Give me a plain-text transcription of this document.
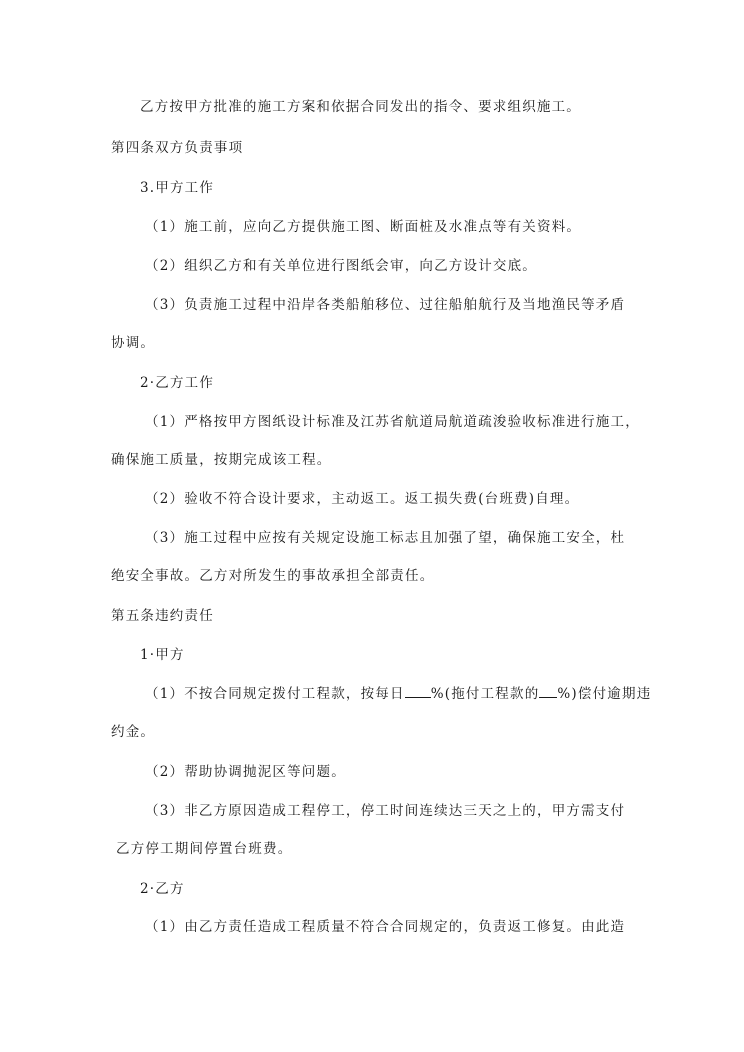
乙方按甲方批准的施工方案和依据合同发出的指令、要求组织施工。
第四条双方负责事项
3.甲方工作
（1）施工前，应向乙方提供施工图、断面桩及水准点等有关资料。
（2）组织乙方和有关单位进行图纸会审，向乙方设计交底。
（3）负责施工过程中沿岸各类船舶移位、过往船舶航行及当地渔民等矛盾
协调。
2·乙方工作
（1）严格按甲方图纸设计标准及江苏省航道局航道疏浚验收标准进行施工，
确保施工质量，按期完成该工程。
（2）验收不符合设计要求，主动返工。返工损失费(台班费)自理。
（3）施工过程中应按有关规定设施工标志且加强了望，确保施工安全，杜
绝安全事故。乙方对所发生的事故承担全部责任。
第五条违约责任
1·甲方
（1）不按合同规定拨付工程款，按每日 %(拖付工程款的 %)偿付逾期违
约金。
（2）帮助协调抛泥区等问题。
（3）非乙方原因造成工程停工，停工时间连续达三天之上的，甲方需支付
乙方停工期间停置台班费。
2·乙方
（1）由乙方责任造成工程质量不符合合同规定的，负责返工修复。由此造
